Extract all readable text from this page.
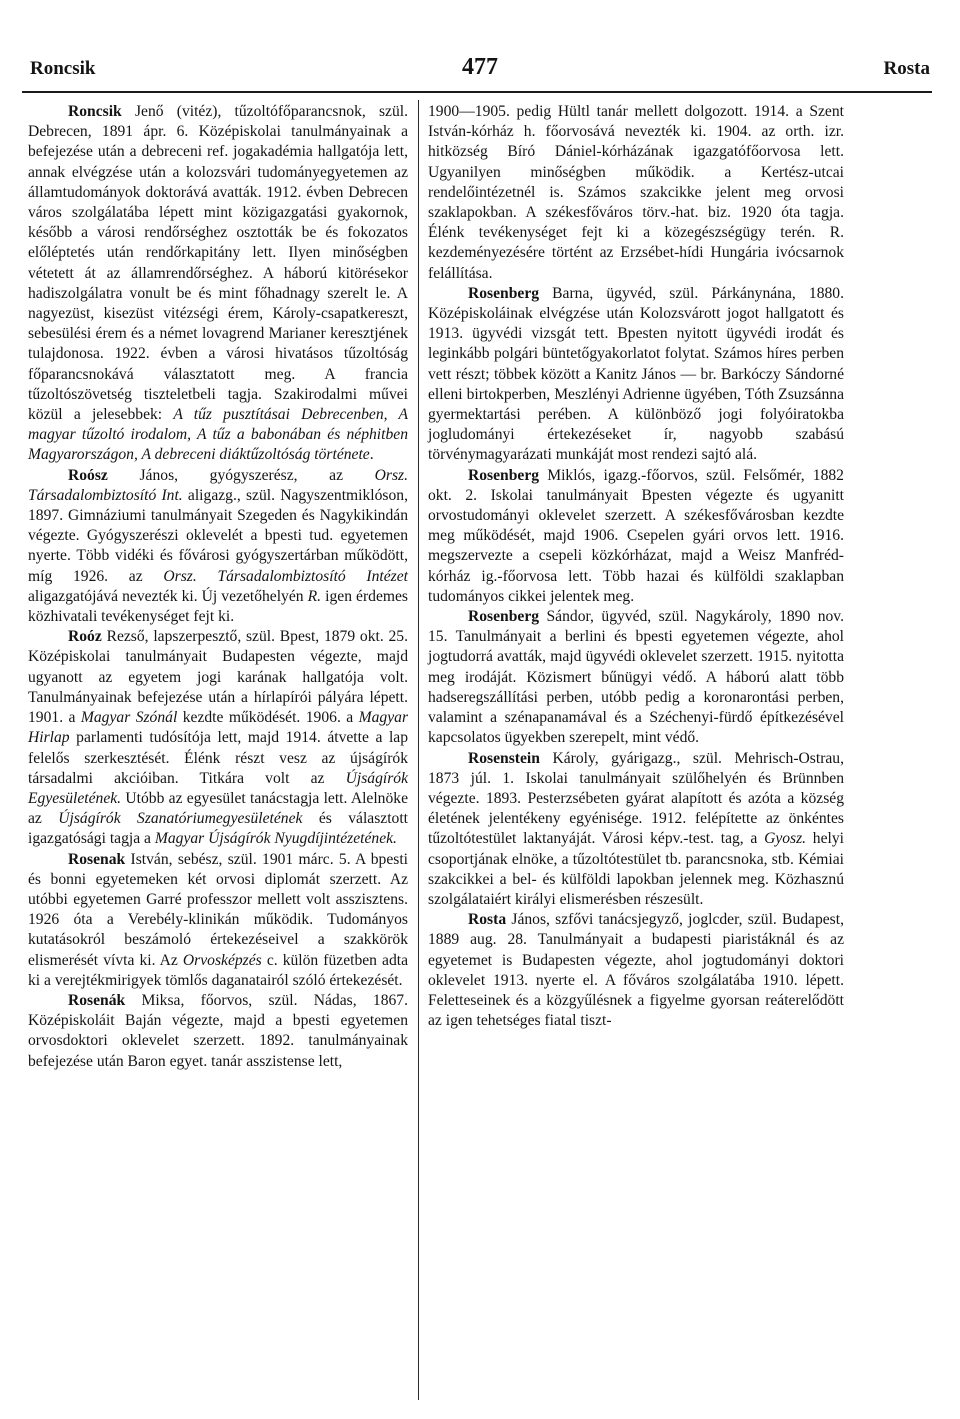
Roncsik	477	Rosta

Roncsik Jenő (vitéz), tűzoltófőparancsnok, szül. Debrecen, 1891 ápr. 6. Középiskolai tanulmányainak a befejezése után a debreceni ref. jogakadémia hallgatója lett, annak elvégzése után a kolozsvári tudományegyetemen az államtudományok doktorává avatták. 1912. évben Debrecen város szolgálatába lépett mint közigazgatási gyakornok, később a városi rendőrséghez osztották be és fokozatos előléptetés után rendőrkapitány lett. Ilyen minőségben vétetett át az államrendőrséghez. A háború kitörésekor hadiszolgálatra vonult be és mint főhadnagy szerelt le. A nagyezüst, kisezüst vitézségi érem, Károly-csapatkereszt, sebesülési érem és a német lovagrend Marianer keresztjének tulajdonosa. 1922. évben a városi hivatásos tűzoltóság főparancsnokává választatott meg. A francia tűzoltószövetség tiszteletbeli tagja. Szakirodalmi művei közül a jelesebbek: A tűz pusztításai Debrecenben, A magyar tűzoltó irodalom, A tűz a babonában és néphitben Magyarországon, A debreceni diáktűzoltóság története.

Roósz János, gyógyszerész, az Orsz. Társadalombiztosító Int. aligazg., szül. Nagyszentmiklóson, 1897. Gimnáziumi tanulmányait Szegeden és Nagykikindán végezte. Gyógyszerészi oklevelét a bpesti tud. egyetemen nyerte. Több vidéki és fővárosi gyógyszertárban működött, míg 1926. az Orsz. Társadalombiztosító Intézet aligazgatójává nevezték ki. Új vezetőhelyén R. igen érdemes közhivatali tevékenységet fejt ki.

Roóz Rezső, lapszerpesztő, szül. Bpest, 1879 okt. 25. Középiskolai tanulmányait Budapesten végezte, majd ugyanott az egyetem jogi karának hallgatója volt. Tanulmányainak befejezése után a hírlapírói pályára lépett. 1901. a Magyar Szónál kezdte működését. 1906. a Magyar Hirlap parlamenti tudósítója lett, majd 1914. átvette a lap felelős szerkesztését. Élénk részt vesz az újságírók társadalmi akcióiban. Titkára volt az Újságírók Egyesületének. Utóbb az egyesület tanácstagja lett. Alelnöke az Újságírók Szanatóriumegyesületének és választott igazgatósági tagja a Magyar Újságírók Nyugdíjintézetének.

Rosenak István, sebész, szül. 1901 márc. 5. A bpesti és bonni egyetemeken két orvosi diplomát szerzett. Az utóbbi egyetemen Garré professzor mellett volt asszisztens. 1926 óta a Verebély-klinikán működik. Tudományos kutatásokról beszámoló értekezéseivel a szakkörök elismerését vívta ki. Az Orvosképzés c. külön füzetben adta ki a verejtékmirigyek tömlős daganatairól szóló értekezését.

Rosenák Miksa, főorvos, szül. Nádas, 1867. Középiskoláit Baján végezte, majd a bpesti egyetemen orvosdoktori oklevelet szerzett. 1892. tanulmányainak befejezése után Baron egyet. tanár asszistense lett,

1900—1905. pedig Hültl tanár mellett dolgozott. 1914. a Szent István-kórház h. főorvosává nevezték ki. 1904. az orth. izr. hitközség Bíró Dániel-kórházának igazgatófőorvosa lett. Ugyanilyen minőségben működik. a Kertész-utcai rendelőintézetnél is. Számos szakcikke jelent meg orvosi szaklapokban. A székesfőváros törv.-hat. biz. 1920 óta tagja. Élénk tevékenységet fejt ki a közegészségügy terén. R. kezdeményezésére történt az Erzsébet-hídi Hungária ivócsarnok felállítása.

Rosenberg Barna, ügyvéd, szül. Párkánynána, 1880. Középiskoláinak elvégzése után Kolozsvárott jogot hallgatott és 1913. ügyvédi vizsgát tett. Bpesten nyitott ügyvédi irodát és leginkább polgári büntetőgyakorlatot folytat. Számos híres perben vett részt; többek között a Kanitz János — br. Barkóczy Sándorné elleni birtokperben, Meszlényi Adrienne ügyében, Tóth Zsuzsánna gyermektartási perében. A különböző jogi folyóiratokba jogludományi értekezéseket ír, nagyobb szabású törvénymagyarázati munkáját most rendezi sajtó alá.

Rosenberg Miklós, igazg.-főorvos, szül. Felsőmér, 1882 okt. 2. Iskolai tanulmányait Bpesten végezte és ugyanitt orvostudományi oklevelet szerzett. A székesfővárosban kezdte meg működését, majd 1906. Csepelen gyári orvos lett. 1916. megszervezte a csepeli közkórházat, majd a Weisz Manfréd-kórház ig.-főorvosa lett. Több hazai és külföldi szaklapban tudományos cikkei jelentek meg.

Rosenberg Sándor, ügyvéd, szül. Nagykároly, 1890 nov. 15. Tanulmányait a berlini és bpesti egyetemen végezte, ahol jogtudorrá avatták, majd ügyvédi oklevelet szerzett. 1915. nyitotta meg irodáját. Közismert bűnügyi védő. A háború alatt több hadseregszállítási perben, utóbb pedig a koronarontási perben, valamint a szénapanamával és a Széchenyi-fürdő építkezésével kapcsolatos ügyekben szerepelt, mint védő.

Rosenstein Károly, gyárigazg., szül. Mehrisch-Ostrau, 1873 júl. 1. Iskolai tanulmányait szülőhelyén és Brünnben végezte. 1893. Pesterzsébeten gyárat alapított és azóta a község életének jelentékeny egyénisége. 1912. felépítette az önkéntes tűzoltótestület laktanyáját. Városi képv.-test. tag, a Gyosz. helyi csoportjának elnöke, a tűzoltótestület tb. parancsnoka, stb. Kémiai szakcikkei a bel- és külföldi lapokban jelennek meg. Közhasznú szolgálataiért királyi elismerésben részesült.

Rosta János, szfővi tanácsjegyző, joglcder, szül. Budapest, 1889 aug. 28. Tanulmányait a budapesti piaristáknál és az egyetemet is Budapesten végezte, ahol jogtudományi doktori oklevelet 1913. nyerte el. A főváros szolgálatába 1910. lépett. Feletteseinek és a közgyűlésnek a figyelme gyorsan reáterelődött az igen tehetséges fiatal tiszt-
